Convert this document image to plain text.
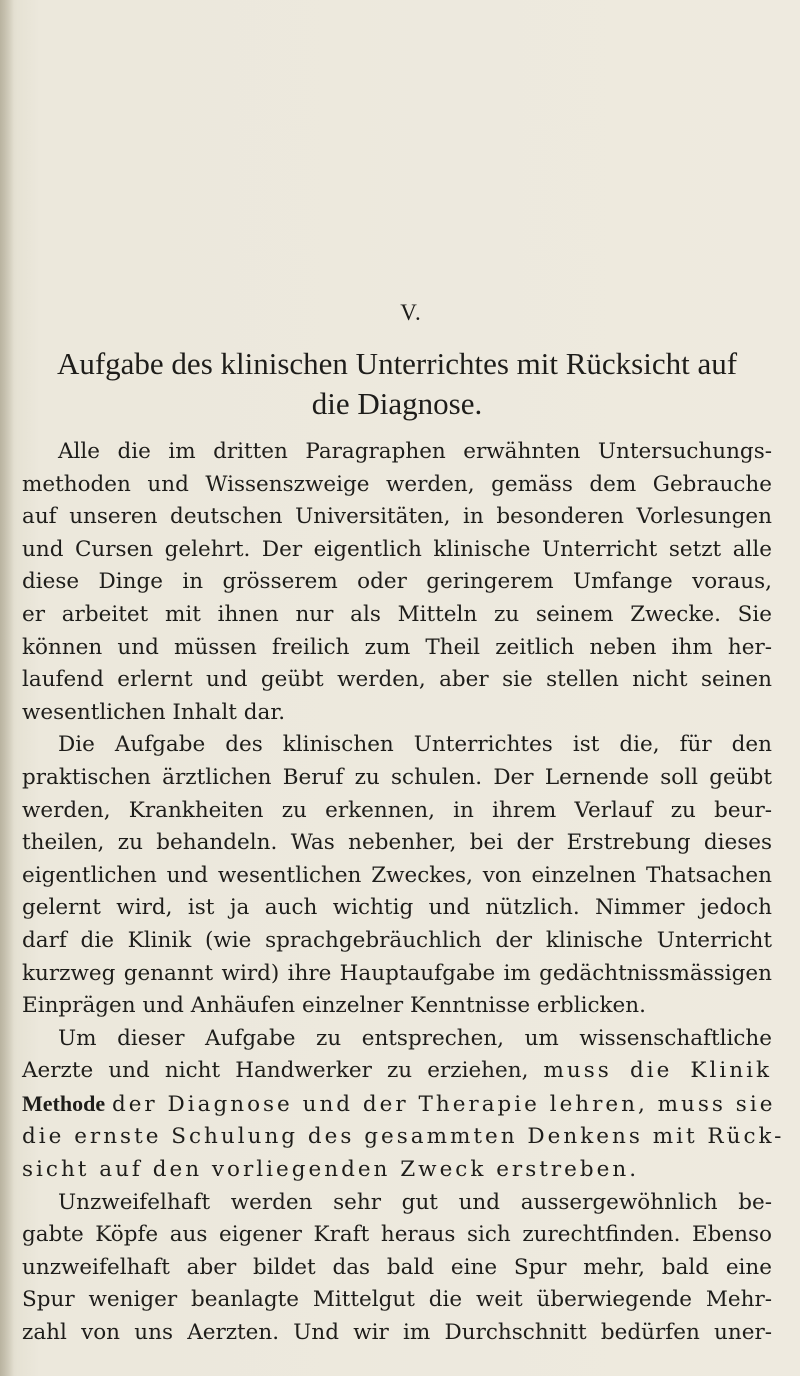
V.
Aufgabe des klinischen Unterrichtes mit Rücksicht auf
die Diagnose.
Alle die im dritten Paragraphen erwähnten Untersuchungs-
methoden und Wissenszweige werden, gemäss dem Gebrauche
auf unseren deutschen Universitäten, in besonderen Vorlesungen
und Cursen gelehrt. Der eigentlich klinische Unterricht setzt alle
diese Dinge in grösserem oder geringerem Umfange voraus,
er arbeitet mit ihnen nur als Mitteln zu seinem Zwecke. Sie
können und müssen freilich zum Theil zeitlich neben ihm her-
laufend erlernt und geübt werden, aber sie stellen nicht seinen
wesentlichen Inhalt dar.
Die Aufgabe des klinischen Unterrichtes ist die, für den
praktischen ärztlichen Beruf zu schulen. Der Lernende soll geübt
werden, Krankheiten zu erkennen, in ihrem Verlauf zu beur-
theilen, zu behandeln. Was nebenher, bei der Erstrebung dieses
eigentlichen und wesentlichen Zweckes, von einzelnen Thatsachen
gelernt wird, ist ja auch wichtig und nützlich. Nimmer jedoch
darf die Klinik (wie sprachgebräuchlich der klinische Unterricht
kurzweg genannt wird) ihre Hauptaufgabe im gedächtnissmässigen
Einprägen und Anhäufen einzelner Kenntnisse erblicken.
Um dieser Aufgabe zu entsprechen, um wissenschaftliche
Aerzte und nicht Handwerker zu erziehen, muss die Klinik
Methode der Diagnose und der Therapie lehren, muss sie
die ernste Schulung des gesammten Denkens mit Rück-
sicht auf den vorliegenden Zweck erstreben.
Unzweifelhaft werden sehr gut und aussergewöhnlich be-
gabte Köpfe aus eigener Kraft heraus sich zurechtfinden. Ebenso
unzweifelhaft aber bildet das bald eine Spur mehr, bald eine
Spur weniger beanlagte Mittelgut die weit überwiegende Mehr-
zahl von uns Aerzten. Und wir im Durchschnitt bedürfen uner-
